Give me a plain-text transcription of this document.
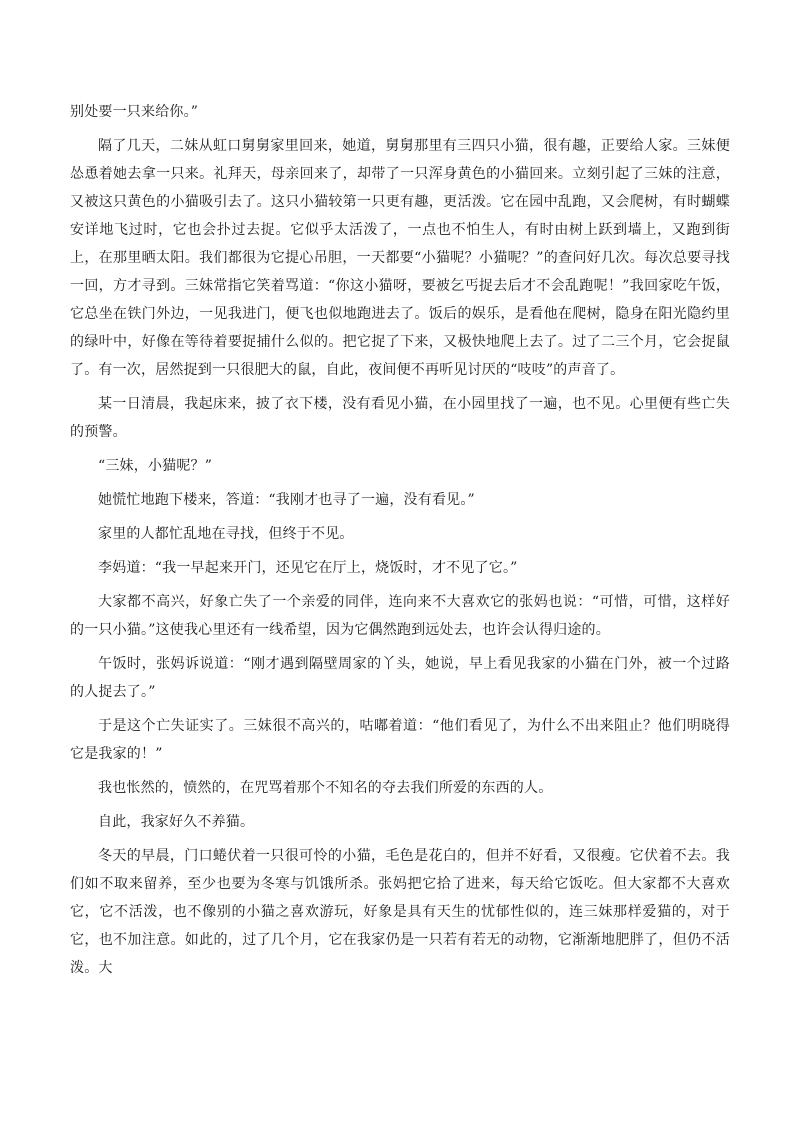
别处要一只来给你。”

隔了几天，二妹从虹口舅舅家里回来，她道，舅舅那里有三四只小猫，很有趣，正要给人家。三妹便怂恿着她去拿一只来。礼拜天，母亲回来了，却带了一只浑身黄色的小猫回来。立刻引起了三妹的注意，又被这只黄色的小猫吸引去了。这只小猫较第一只更有趣，更活泼。它在园中乱跑，又会爬树，有时蝴蝶安详地飞过时，它也会扑过去捉。它似乎太活泼了，一点也不怕生人，有时由树上跃到墙上，又跑到街上，在那里晒太阳。我们都很为它提心吊胆，一天都要“小猫呢？小猫呢？”的查问好几次。每次总要寻找一回，方才寻到。三妹常指它笑着骂道：“你这小猫呀，要被乞丐捉去后才不会乱跑呢！”我回家吃午饭，它总坐在铁门外边，一见我进门，便飞也似地跑进去了。饭后的娱乐，是看他在爬树，隐身在阳光隐约里的绿叶中，好像在等待着要捉捕什么似的。把它捉了下来，又极快地爬上去了。过了二三个月，它会捉鼠了。有一次，居然捉到一只很肥大的鼠，自此，夜间便不再听见讨厌的“吱吱”的声音了。

某一日清晨，我起床来，披了衣下楼，没有看见小猫，在小园里找了一遍，也不见。心里便有些亡失的预警。

“三妹，小猫呢？”

她慌忙地跑下楼来，答道：“我刚才也寻了一遍，没有看见。”

家里的人都忙乱地在寻找，但终于不见。

李妈道：“我一早起来开门，还见它在厅上，烧饭时，才不见了它。”

大家都不高兴，好象亡失了一个亲爱的同伴，连向来不大喜欢它的张妈也说：“可惜，可惜，这样好的一只小猫。”这使我心里还有一线希望，因为它偶然跑到远处去，也许会认得归途的。

午饭时，张妈诉说道：“刚才遇到隔壁周家的丫头，她说，早上看见我家的小猫在门外，被一个过路的人捉去了。”

于是这个亡失证实了。三妹很不高兴的，咕嘟着道：“他们看见了，为什么不出来阻止？他们明晓得它是我家的！”

我也怅然的，愤然的，在咒骂着那个不知名的夺去我们所爱的东西的人。

自此，我家好久不养猫。

冬天的早晨，门口蜷伏着一只很可怜的小猫，毛色是花白的，但并不好看，又很瘦。它伏着不去。我们如不取来留养，至少也要为冬寒与饥饿所杀。张妈把它拾了进来，每天给它饭吃。但大家都不大喜欢它，它不活泼，也不像别的小猫之喜欢游玩，好象是具有天生的忧郁性似的，连三妹那样爱猫的，对于它，也不加注意。如此的，过了几个月，它在我家仍是一只若有若无的动物，它渐渐地肥胖了，但仍不活泼。大
